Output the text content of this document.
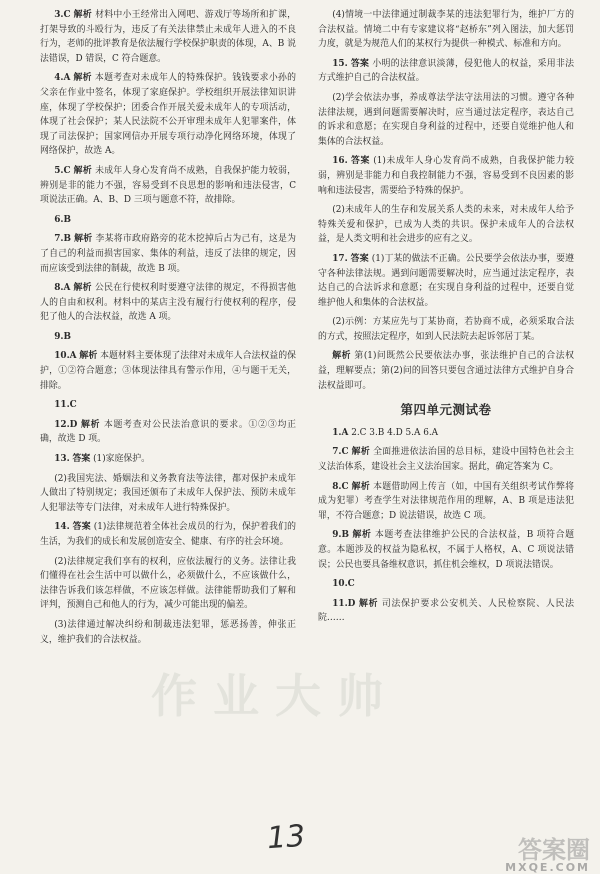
3.C 解析 材料中小王经常出入网吧、游戏厅等场所和扩课，打架导致的斗殴行为，违反了有关法律禁止未成年人进入的不良行为，老师的批评教育是依法履行学校保护职责的体现，A、B 说法错误，D 错误，C 符合题意。

4.A 解析 本题考查对未成年人的特殊保护。钱钱要求小孙的父亲在作业中签名，体现了家庭保护。学校组织开展法律知识讲座，体现了学校保护；团委合作开展关爱未成年人的专项活动，体现了社会保护；某人民法院不公开审理未成年人犯罪案件，体现了司法保护；国家网信办开展专项行动净化网络环境，体现了网络保护，故选 A。

5.C 解析 未成年人身心发育尚不成熟，自我保护能力较弱，辨别是非的能力不强，容易受到不良思想的影响和违法侵害，C 项说法正确。A、B、D 三项与题意不符，故排除。

6.B

7.B 解析 李某将市政府路旁的花木挖掉后占为己有，这是为了自己的利益而损害国家、集体的利益，违反了法律的规定，因而应该受到法律的制裁，故选 B 项。

8.A 解析 公民在行使权利时要遵守法律的规定，不得损害他人的自由和权利。材料中的某店主没有履行行使权利的程序，侵犯了他人的合法权益，故选 A 项。

9.B

10.A 解析 本题材料主要体现了法律对未成年人合法权益的保护，①②符合题意；③体现法律具有警示作用，④与题干无关，排除。

11.C

12.D 解析 本题考查对公民法治意识的要求。①②③均正确，故选 D 项。

13. 答案 (1)家庭保护。

(2)我国宪法、婚姻法和义务教育法等法律，都对保护未成年人做出了特别规定；我国还颁布了未成年人保护法、预防未成年人犯罪法等专门法律，对未成年人进行特殊保护。

14. 答案 (1)法律规范着全体社会成员的行为，保护着我们的生活，为我们的成长和发展创造安全、健康、有序的社会环境。

(2)法律规定我们享有的权利，应依法履行的义务。法律让我们懂得在社会生活中可以做什么，必须做什么，不应该做什么，法律告诉我们该怎样做，不应该怎样做。法律能帮助我们了解和评判，预测自己和他人的行为，减少可能出现的偏差。

(3)法律通过解决纠纷和制裁违法犯罪，惩恶扬善，伸张正义，维护我们的合法权益。

(4)情境一中法律通过制裁李某的违法犯罪行为，维护厂方的合法权益。情境二中有专家建议将“赵桥东”列入图法，加大惩罚力度，就是为规范人们的某权行为提供一种模式、标准和方向。

15. 答案 小明的法律意识淡薄，侵犯他人的权益，采用非法方式维护自己的合法权益。

(2)学会依法办事，养成尊法学法守法用法的习惯。遵守各种法律法规，遇到问题需要解决时，应当通过法定程序，表达自己的诉求和意愿；在实现自身利益的过程中，还要自觉维护他人和集体的合法权益。

16. 答案 (1)未成年人身心发育尚不成熟，自我保护能力较弱，辨别是非能力和自我控制能力不强，容易受到不良因素的影响和违法侵害，需要给予特殊的保护。

(2)未成年人的生存和发展关系人类的未来，对未成年人给予特殊关爱和保护，已成为人类的共识。保护未成年人的合法权益，是人类文明和社会进步的应有之义。

17. 答案 (1)丁某的做法不正确。公民要学会依法办事，要遵守各种法律法规。遇到问题需要解决时，应当通过法定程序，表达自己的合法诉求和意愿；在实现自身利益的过程中，还要自觉维护他人和集体的合法权益。

(2)示例：方某应先与丁某协商，若协商不成，必须采取合法的方式，按照法定程序，如到人民法院去起诉邻居丁某。

解析 第(1)问既然公民要依法办事，张法维护自己的合法权益，理解要点；第(2)问的回答只要包含通过法律方式维护自身合法权益即可。

第四单元测试卷

1.A 2.C 3.B 4.D 5.A 6.A

7.C 解析 全面推进依法治国的总目标，建设中国特色社会主义法治体系，建设社会主义法治国家。据此，确定答案为 C。

8.C 解析 本题借助网上传言（如，中国有关组织考试作弊将成为犯罪）考查学生对法律规范作用的理解，A、B 项是违法犯罪，不符合题意；D 说法错误，故选 C 项。

9.B 解析 本题考查法律维护公民的合法权益，B 项符合题意。本题涉及的权益为隐私权，不属于人格权，A、C 项说法错误；公民也要具备维权意识，抓住机会维权，D 项说法错误。

10.C

11.D 解析 司法保护要求公安机关、人民检察院、人民法院……

作业大帅
13	答案圈
MXQE.COM
